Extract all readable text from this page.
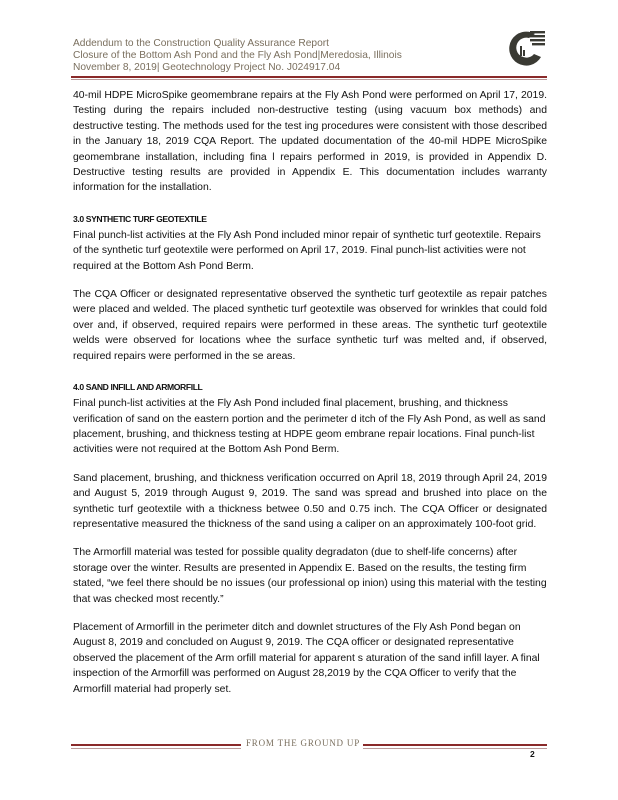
Addendum to the Construction Quality Assurance Report
Closure of the Bottom Ash Pond and the Fly Ash Pond|Meredosia, Illinois
November 8, 2019| Geotechnology Project No. J024917.04

40-mil HDPE MicroSpike geomembrane repairs at the Fly Ash Pond were performed on April 17, 2019. Testing during the repairs included non-destructive testing (using vacuum box methods) and destructive testing. The methods used for the test ing procedures were consistent with those described in the January 18, 2019 CQA Report. The updated documentation of the 40-mil HDPE MicroSpike geomembrane installation, including fina l repairs performed in 2019, is provided in Appendix D. Destructive testing results are provided in Appendix E. This documentation includes warranty information for the installation.

3.0 SYNTHETIC TURF GEOTEXTILE

Final punch-list activities at the Fly Ash Pond included minor repair of synthetic turf geotextile. Repairs of the synthetic turf geotextile were performed on April 17, 2019. Final punch-list activities were not required at the Bottom Ash Pond Berm.

The CQA Officer or designated representative observed the synthetic turf geotextile as repair patches were placed and welded. The placed synthetic turf geotextile was observed for wrinkles that could fold over and, if observed, required repairs were performed in these areas. The synthetic turf geotextile welds were observed for locations whee the surface synthetic turf was melted and, if observed, required repairs were performed in the se areas.

4.0 SAND INFILL AND ARMORFILL

Final punch-list activities at the Fly Ash Pond included final placement, brushing, and thickness verification of sand on the eastern portion and the perimeter d itch of the Fly Ash Pond, as well as sand placement, brushing, and thickness testing at HDPE geom embrane repair locations. Final punch-list activities were not required at the Bottom Ash Pond Berm.

Sand placement, brushing, and thickness verification occurred on April 18, 2019 through April 24, 2019 and August 5, 2019 through August 9, 2019. The sand was spread and brushed into place on the synthetic turf geotextile with a thickness betwee 0.50 and 0.75 inch. The CQA Officer or designated representative measured the thickness of the sand using a caliper on an approximately 100-foot grid.

The Armorfill material was tested for possible quality degradaton (due to shelf-life concerns) after storage over the winter. Results are presented in Appendix E. Based on the results, the testing firm stated, “we feel there should be no issues (our professional op inion) using this material with the testing that was checked most recently.”

Placement of Armorfill in the perimeter ditch and downlet structures of the Fly Ash Pond began on August 8, 2019 and concluded on August 9, 2019. The CQA officer or designated representative observed the placement of the Arm orfill material for apparent s aturation of the sand infill layer. A final inspection of the Armorfill was performed on August 28,2019 by the CQA Officer to verify that the Armorfill material had properly set.

FROM THE GROUND UP
2
